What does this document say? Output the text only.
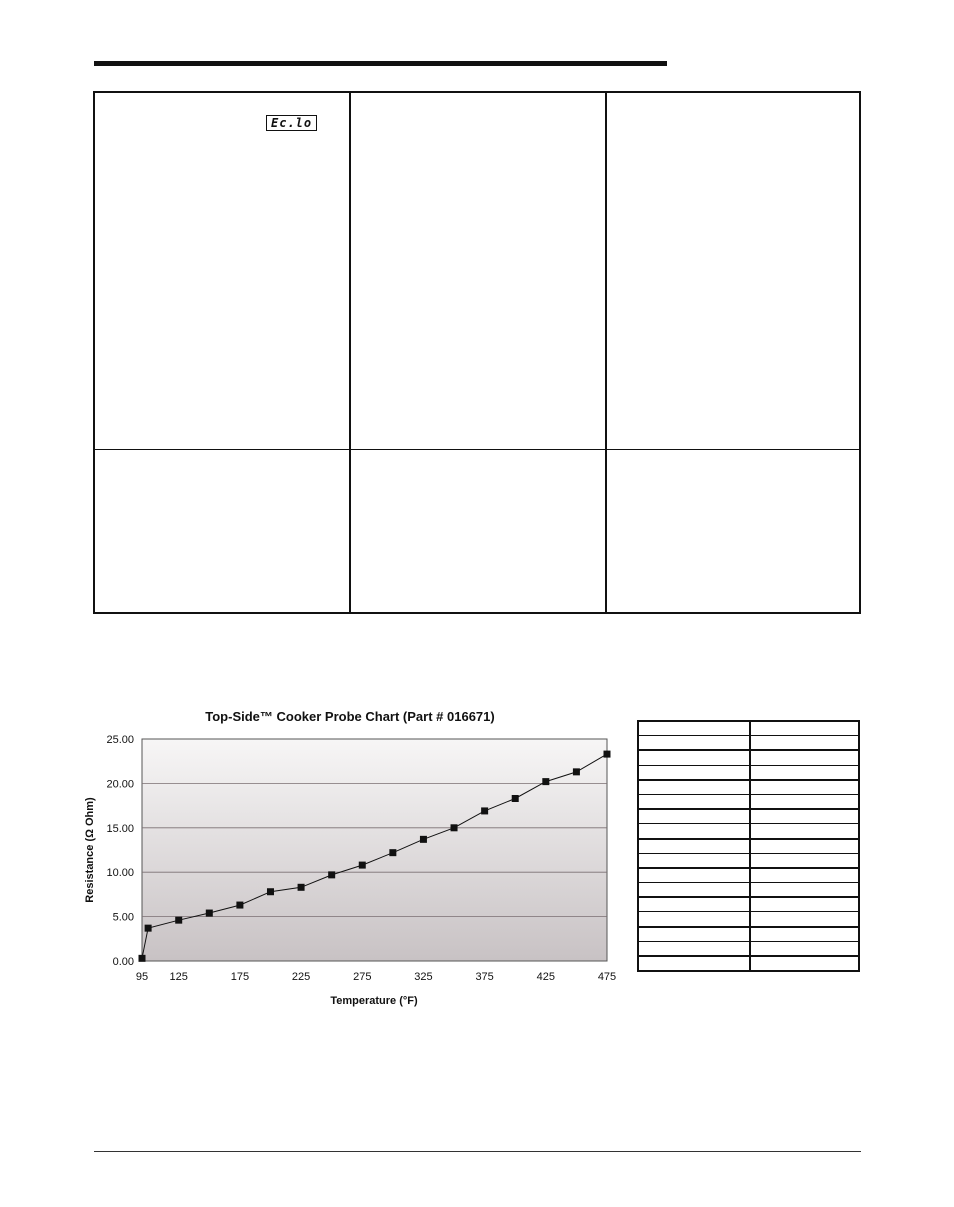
Ec.lo
Top-Side™ Cooker Probe Chart (Part # 016671)
0.00
5.00
10.00
15.00
20.00
25.00
95 125	175	225	275	325	375	425	475
Temperature (°F)
Resistance (Ω Ohm)
